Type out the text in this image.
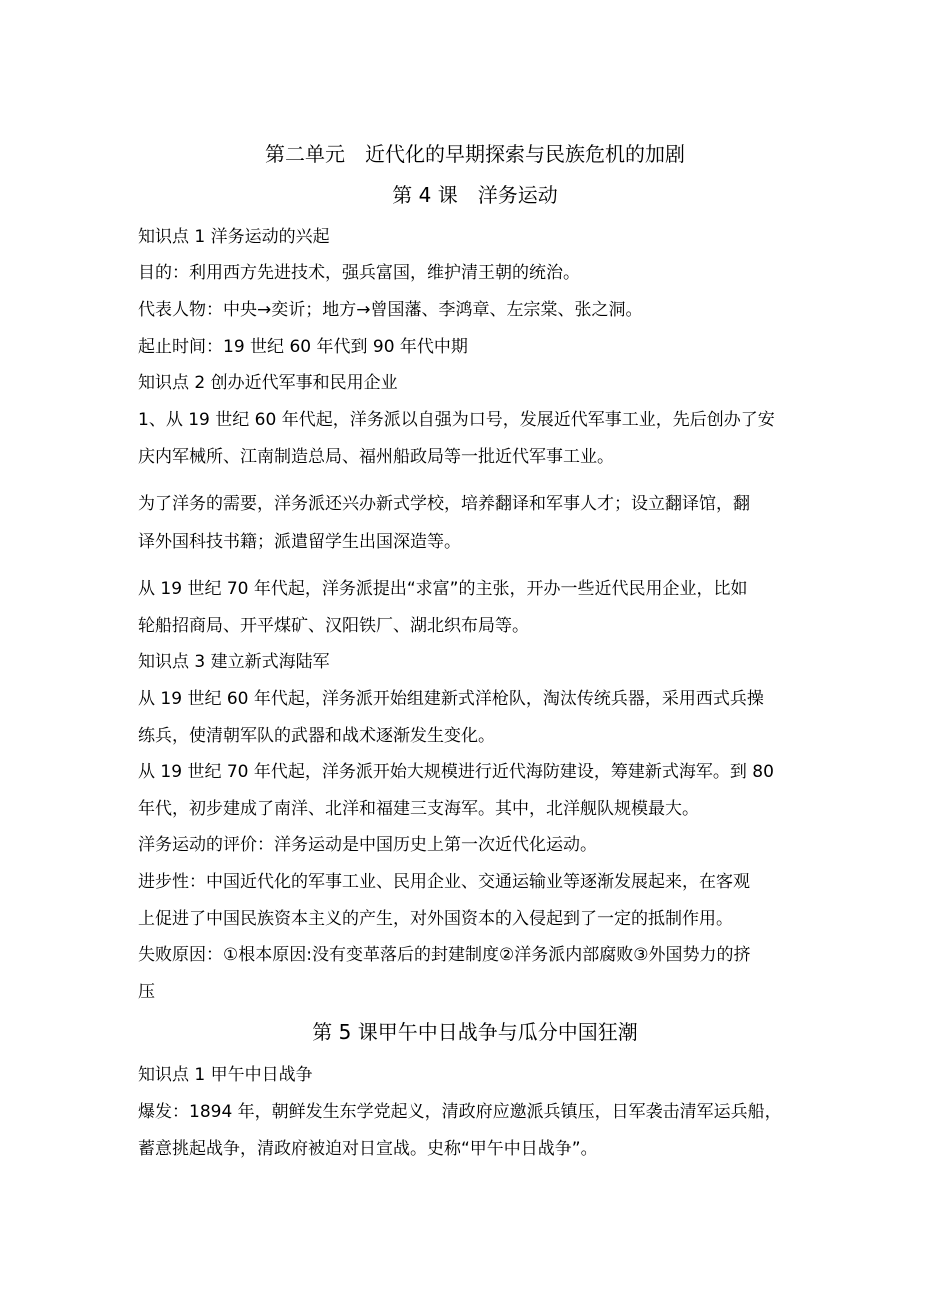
第二单元　近代化的早期探索与民族危机的加剧
第 4 课　洋务运动
知识点 1 洋务运动的兴起
目的：利用西方先进技术，强兵富国，维护清王朝的统治。
代表人物：中央→奕䜣；地方→曾国藩、李鸿章、左宗棠、张之洞。
起止时间：19 世纪 60 年代到 90 年代中期
知识点 2 创办近代军事和民用企业
1、从 19 世纪 60 年代起，洋务派以自强为口号，发展近代军事工业，先后创办了安
庆内军械所、江南制造总局、福州船政局等一批近代军事工业。
为了洋务的需要，洋务派还兴办新式学校，培养翻译和军事人才；设立翻译馆，翻
译外国科技书籍；派遣留学生出国深造等。
从 19 世纪 70 年代起，洋务派提出“求富”的主张，开办一些近代民用企业，比如
轮船招商局、开平煤矿、汉阳铁厂、湖北织布局等。
知识点 3 建立新式海陆军
从 19 世纪 60 年代起，洋务派开始组建新式洋枪队，淘汰传统兵器，采用西式兵操
练兵，使清朝军队的武器和战术逐渐发生变化。
从 19 世纪 70 年代起，洋务派开始大规模进行近代海防建设，筹建新式海军。到 80
年代，初步建成了南洋、北洋和福建三支海军。其中，北洋舰队规模最大。
洋务运动的评价：洋务运动是中国历史上第一次近代化运动。
进步性：中国近代化的军事工业、民用企业、交通运输业等逐渐发展起来，在客观
上促进了中国民族资本主义的产生，对外国资本的入侵起到了一定的抵制作用。
失败原因：①根本原因:没有变革落后的封建制度②洋务派内部腐败③外国势力的挤
压
第 5 课甲午中日战争与瓜分中国狂潮
知识点 1 甲午中日战争
爆发：1894 年，朝鲜发生东学党起义，清政府应邀派兵镇压，日军袭击清军运兵船，
蓄意挑起战争，清政府被迫对日宣战。史称“甲午中日战争”。
